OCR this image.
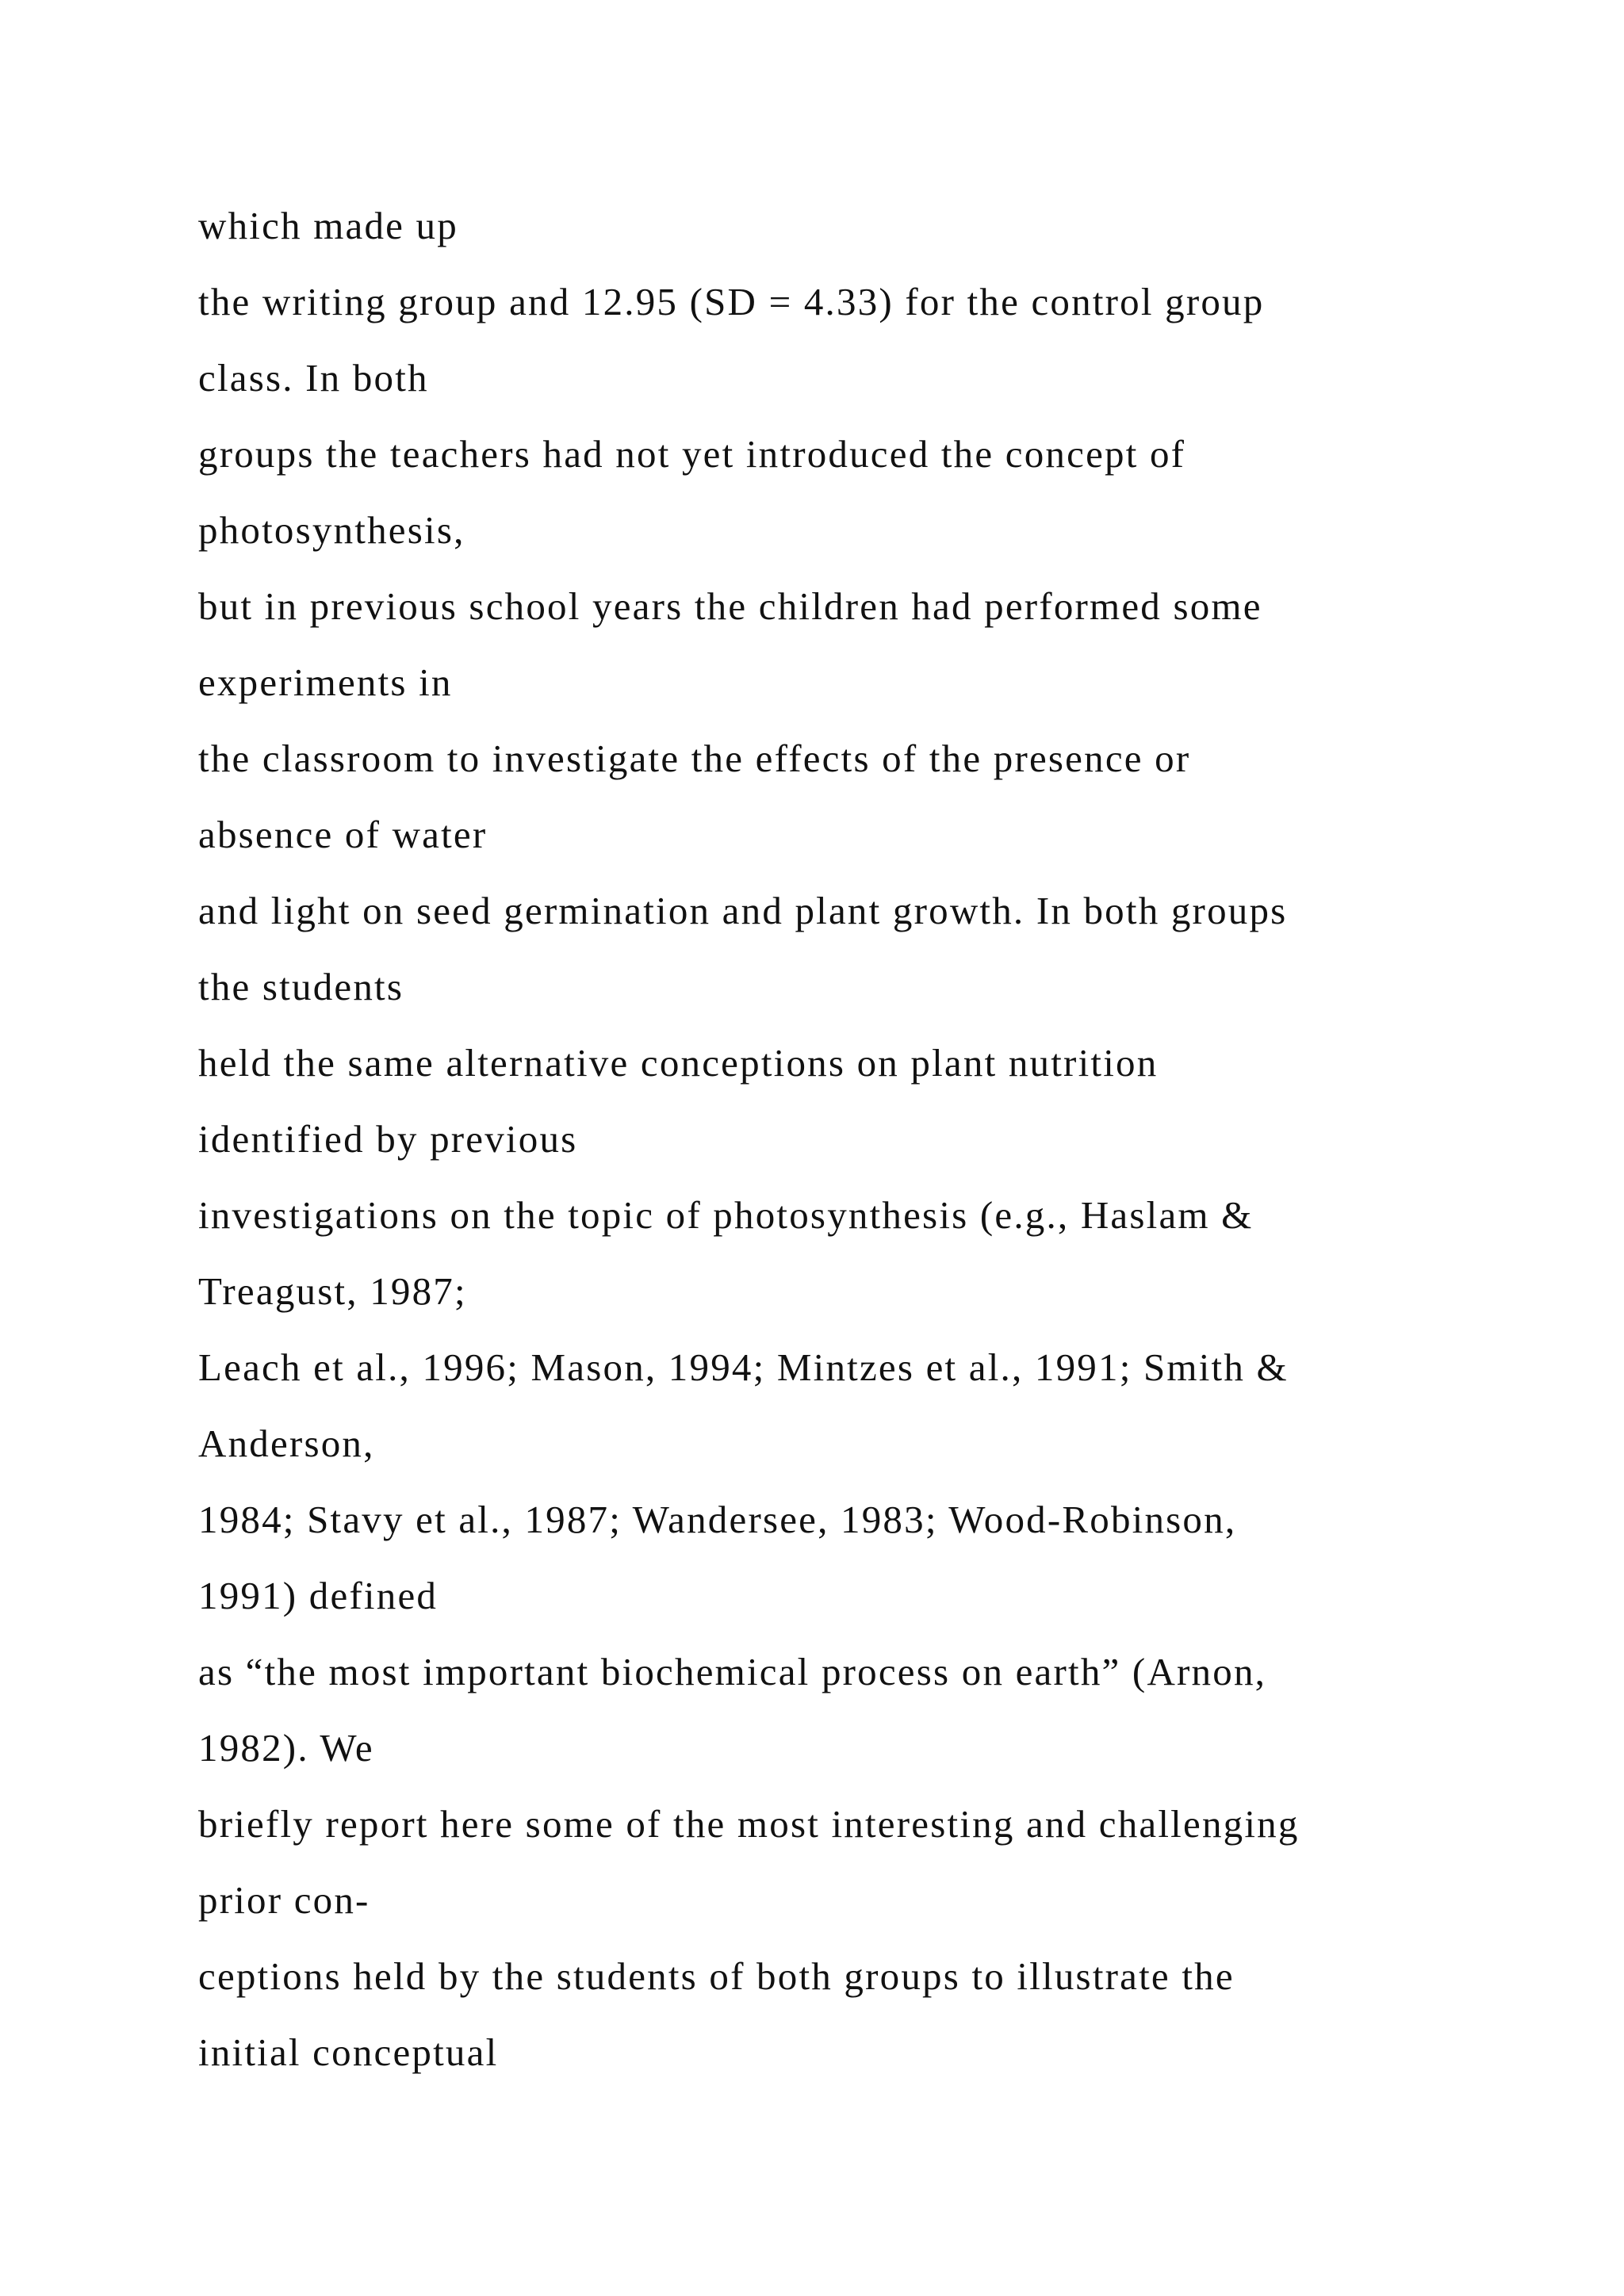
which made up
the writing group and 12.95 (SD = 4.33) for the control group
class. In both
groups the teachers had not yet introduced the concept of
photosynthesis,
but in previous school years the children had performed some
experiments in
the classroom to investigate the effects of the presence or
absence of water
and light on seed germination and plant growth. In both groups
the students
held the same alternative conceptions on plant nutrition
identified by previous
investigations on the topic of photosynthesis (e.g., Haslam &
Treagust, 1987;
Leach et al., 1996; Mason, 1994; Mintzes et al., 1991; Smith &
Anderson,
1984; Stavy et al., 1987; Wandersee, 1983; Wood-Robinson,
1991) defined
as “the most important biochemical process on earth” (Arnon,
1982). We
briefly report here some of the most interesting and challenging
prior con-
ceptions held by the students of both groups to illustrate the
initial conceptual
